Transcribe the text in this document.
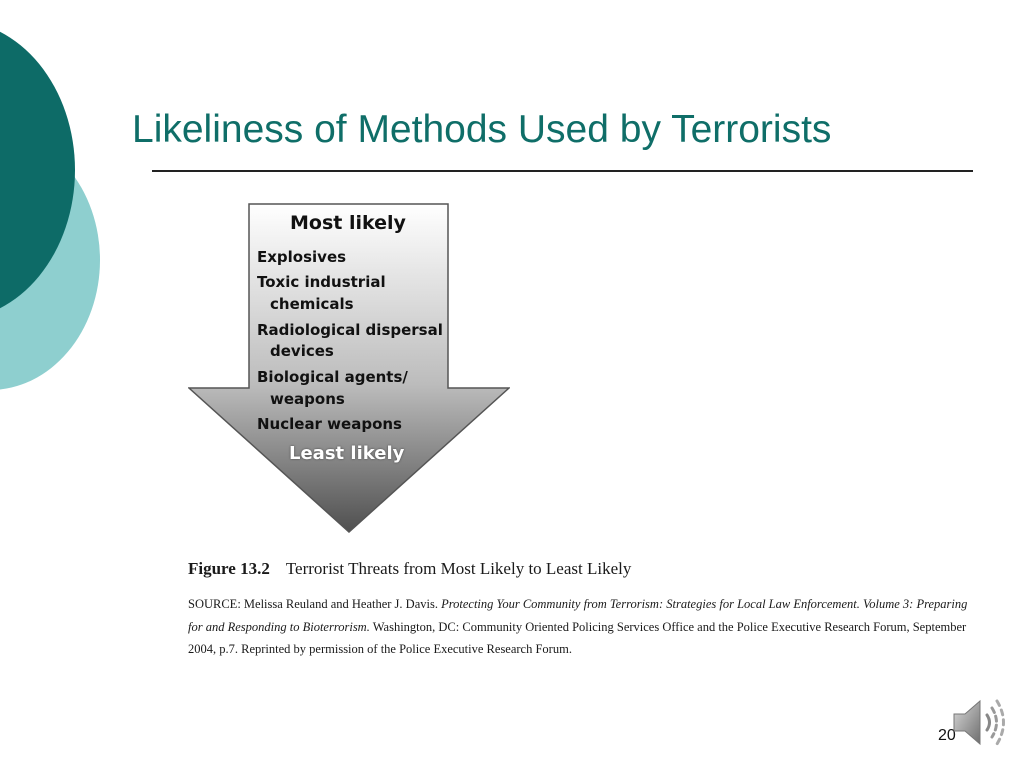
Likeliness of Methods Used by Terrorists
Most likely
Explosives
Toxic industrial
chemicals
Radiological dispersal
devices
Biological agents/
weapons
Nuclear weapons
Least likely
Figure 13.2 Terrorist Threats from Most Likely to Least Likely
SOURCE: Melissa Reuland and Heather J. Davis. Protecting Your Community from Terrorism: Strategies for Local Law Enforcement. Volume 3: Preparing for and Responding to Bioterrorism. Washington, DC: Community Oriented Policing Services Office and the Police Executive Research Forum, September 2004, p.7. Reprinted by permission of the Police Executive Research Forum.
20
